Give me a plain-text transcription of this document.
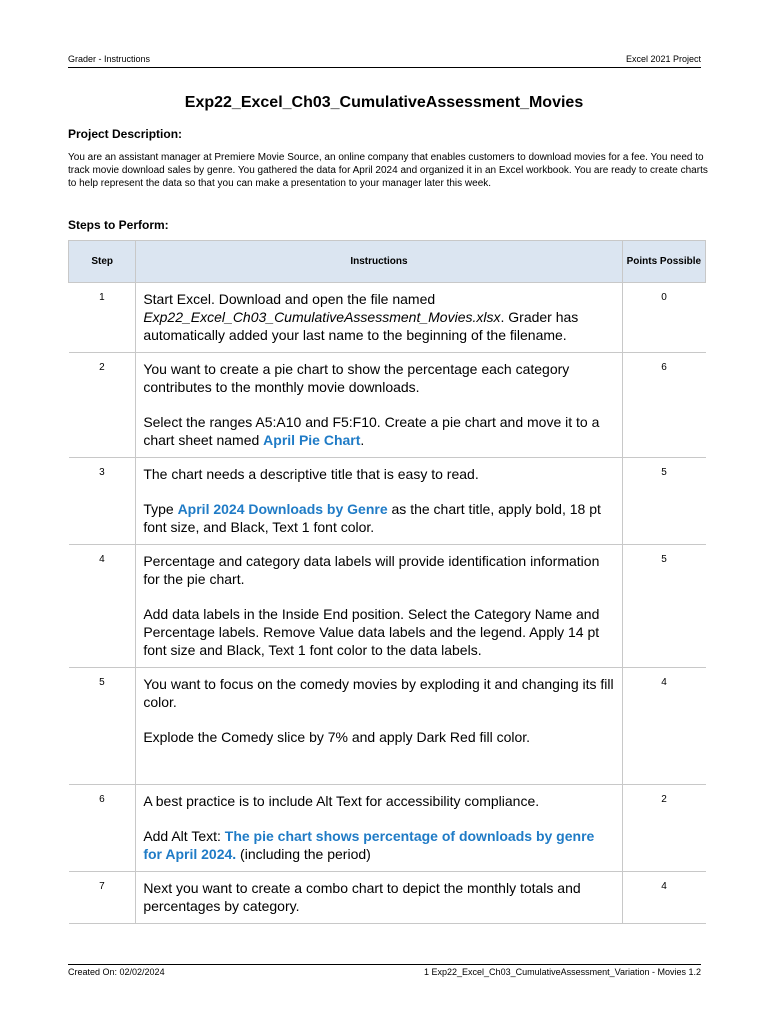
Grader - Instructions	Excel 2021 Project
Exp22_Excel_Ch03_CumulativeAssessment_Movies
Project Description:
You are an assistant manager at Premiere Movie Source, an online company that enables customers to download movies for a fee. You need to track movie download sales by genre. You gathered the data for April 2024 and organized it in an Excel workbook. You are ready to create charts to help represent the data so that you can make a presentation to your manager later this week.
Steps to Perform:
Step	Instructions	Points Possible
1	Start Excel. Download and open the file named Exp22_Excel_Ch03_CumulativeAssessment_Movies.xlsx. Grader has automatically added your last name to the beginning of the filename.	0
2	You want to create a pie chart to show the percentage each category contributes to the monthly movie downloads.

Select the ranges A5:A10 and F5:F10. Create a pie chart and move it to a chart sheet named April Pie Chart.	6
3	The chart needs a descriptive title that is easy to read.

Type April 2024 Downloads by Genre as the chart title, apply bold, 18 pt font size, and Black, Text 1 font color.	5
4	Percentage and category data labels will provide identification information for the pie chart.

Add data labels in the Inside End position. Select the Category Name and Percentage labels. Remove Value data labels and the legend. Apply 14 pt font size and Black, Text 1 font color to the data labels.	5
5	You want to focus on the comedy movies by exploding it and changing its fill color.

Explode the Comedy slice by 7% and apply Dark Red fill color.	4
6	A best practice is to include Alt Text for accessibility compliance.

Add Alt Text: The pie chart shows percentage of downloads by genre for April 2024. (including the period)	2
7	Next you want to create a combo chart to depict the monthly totals and percentages by category.	4
Created On: 02/02/2024	1 Exp22_Excel_Ch03_CumulativeAssessment_Variation - Movies 1.2
